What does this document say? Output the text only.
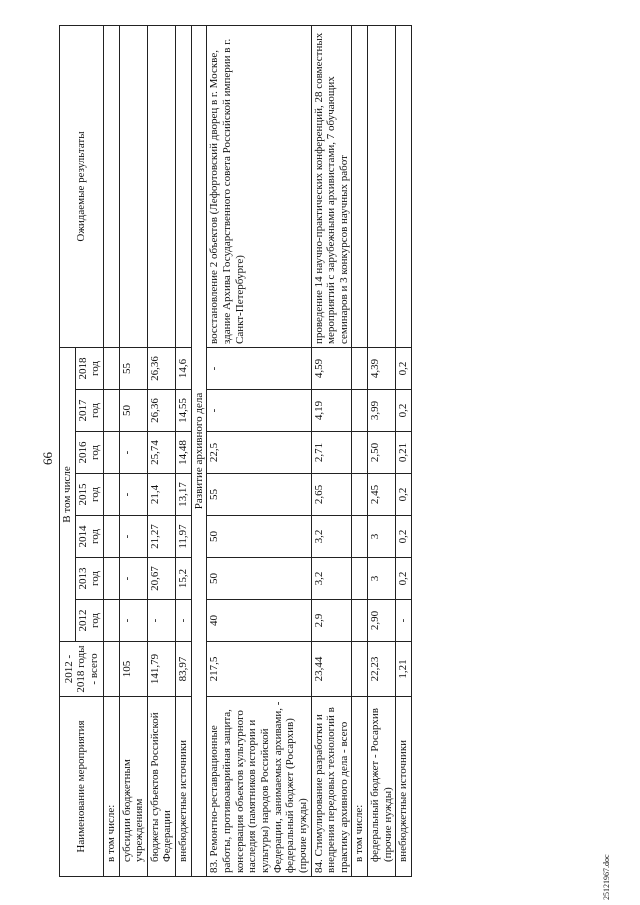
66
25121967.doc
Наименование мероприятия	2012 - 2018 годы - всего	В том числе							Ожидаемые результаты
		2012 год	2013 год	2014 год	2015 год	2016 год	2017 год	2018 год	
в том числе:									
субсидии бюджетным учреждениям	105	-	-	-	-	-	50	55	
бюджеты субъектов Российской Федерации	141,79	-	20,67	21,27	21,4	25,74	26,36	26,36	
внебюджетные источники	83,97	-	15,2	11,97	13,17	14,48	14,55	14,6	
Развитие архивного дела									
83. Ремонтно-реставрационные работы, противоаварийная защита, консервация объектов культурного наследия (памятников истории и культуры) народов Российской Федерации, занимаемых архивами, - федеральный бюджет (Росархив) (прочие нужды)	217,5	40	50	50	55	22,5	-	-	восстановление 2 объектов (Лефортовский дворец в г. Москве, здание Архива Государственного совета Российской империи в г. Санкт-Петербурге)
84. Стимулирование разработки и внедрения передовых технологий в практику архивного дела - всего	23,44	2,9	3,2	3,2	2,65	2,71	4,19	4,59	проведение 14 научно-практических конференций, 28 совместных мероприятий с зарубежными архивистами, 7 обучающих семинаров и 3 конкурсов научных работ
в том числе:									
федеральный бюджет - Росархив (прочие нужды)	22,23	2,90	3	3	2,45	2,50	3,99	4,39	
внебюджетные источники	1,21	-	0,2	0,2	0,2	0,21	0,2	0,2	
